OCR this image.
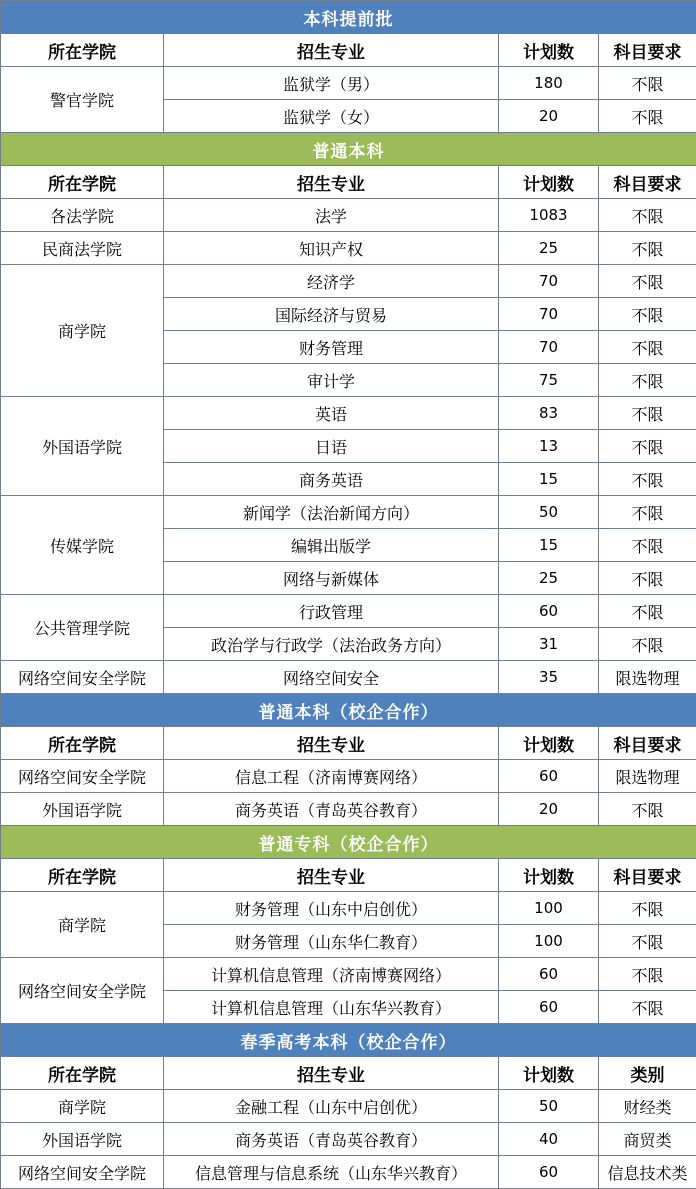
本科提前批			
所在学院	招生专业	计划数	科目要求
警官学院	监狱学（男）	180	不限
	监狱学（女）	20	不限
普通本科			
所在学院	招生专业	计划数	科目要求
各法学院	法学	1083	不限
民商法学院	知识产权	25	不限
商学院	经济学	70	不限
	国际经济与贸易	70	不限
	财务管理	70	不限
	审计学	75	不限
外国语学院	英语	83	不限
	日语	13	不限
	商务英语	15	不限
传媒学院	新闻学（法治新闻方向）	50	不限
	编辑出版学	15	不限
	网络与新媒体	25	不限
公共管理学院	行政管理	60	不限
	政治学与行政学（法治政务方向）	31	不限
网络空间安全学院	网络空间安全	35	限选物理
普通本科（校企合作）			
所在学院	招生专业	计划数	科目要求
网络空间安全学院	信息工程（济南博赛网络）	60	限选物理
外国语学院	商务英语（青岛英谷教育）	20	不限
普通专科（校企合作）			
所在学院	招生专业	计划数	科目要求
商学院	财务管理（山东中启创优）	100	不限
	财务管理（山东华仁教育）	100	不限
网络空间安全学院	计算机信息管理（济南博赛网络）	60	不限
	计算机信息管理（山东华兴教育）	60	不限
春季高考本科（校企合作）			
所在学院	招生专业	计划数	类别
商学院	金融工程（山东中启创优）	50	财经类
外国语学院	商务英语（青岛英谷教育）	40	商贸类
网络空间安全学院	信息管理与信息系统（山东华兴教育）	60	信息技术类
